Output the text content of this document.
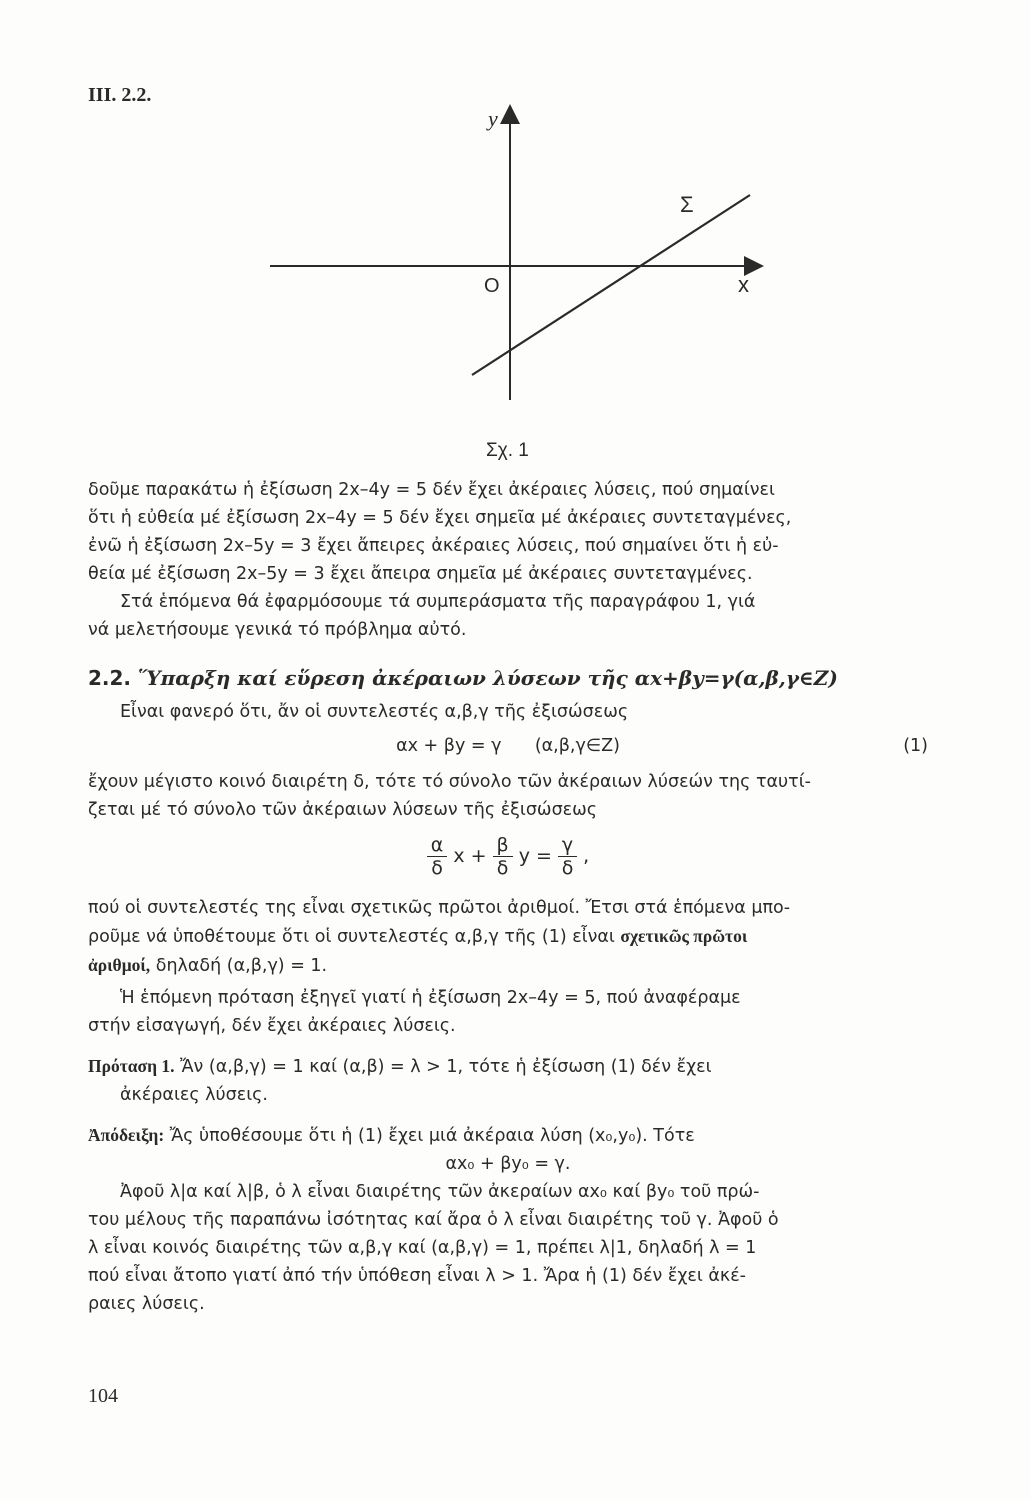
III. 2.2.
y
x
O
Σ
Σχ. 1

δοῦμε παρακάτω ἡ ἐξίσωση 2x–4y = 5 δέν ἔχει ἀκέραιες λύσεις, πού σημαίνει

ὅτι ἡ εὐθεία μέ ἐξίσωση 2x–4y = 5 δέν ἔχει σημεῖα μέ ἀκέραιες συντεταγμένες,

ἐνῶ ἡ ἐξίσωση 2x–5y = 3 ἔχει ἄπειρες ἀκέραιες λύσεις, πού σημαίνει ὅτι ἡ εὐ-

θεία μέ ἐξίσωση 2x–5y = 3 ἔχει ἄπειρα σημεῖα μέ ἀκέραιες συντεταγμένες.

Στά ἑπόμενα θά ἐφαρμόσουμε τά συμπεράσματα τῆς παραγράφου 1, γιά

νά μελετήσουμε γενικά τό πρόβλημα αὐτό.

2.2. Ὕπαρξη καί εὕρεση ἀκέραιων λύσεων τῆς αx+βy=γ(α,β,γ∈Z)

Εἶναι φανερό ὅτι, ἄν οἱ συντελεστές α,β,γ τῆς ἐξισώσεως

αx + βy = γ      (α,β,γ∈Z)	(1)

ἔχουν μέγιστο κοινό διαιρέτη δ, τότε τό σύνολο τῶν ἀκέραιων λύσεών της ταυτί-

ζεται μέ τό σύνολο τῶν ἀκέραιων λύσεων τῆς ἐξισώσεως

$\frac{\alpha}{\delta}$ $x + \frac{\beta}{\delta}$ $y = \frac{\gamma}{\delta}$ ,

πού οἱ συντελεστές της εἶναι σχετικῶς πρῶτοι ἀριθμοί. Ἔτσι στά ἑπόμενα μπο-

ροῦμε νά ὑποθέτουμε ὅτι οἱ συντελεστές α,β,γ τῆς (1) εἶναι σχετικῶς πρῶτοι

ἀριθμοί, δηλαδή (α,β,γ) = 1.

Ἡ ἑπόμενη πρόταση ἐξηγεῖ γιατί ἡ ἐξίσωση 2x–4y = 5, πού ἀναφέραμε

στήν εἰσαγωγή, δέν ἔχει ἀκέραιες λύσεις.

Πρόταση 1. Ἄν (α,β,γ) = 1 καί (α,β) = λ > 1, τότε ἡ ἐξίσωση (1) δέν ἔχει

ἀκέραιες λύσεις.

Ἀπόδειξη: Ἄς ὑποθέσουμε ὅτι ἡ (1) ἔχει μιά ἀκέραια λύση (x₀,y₀). Τότε

αx₀ + βy₀ = γ.

Ἀφοῦ λ|α καί λ|β, ὁ λ εἶναι διαιρέτης τῶν ἀκεραίων αx₀ καί βy₀ τοῦ πρώ-

του μέλους τῆς παραπάνω ἰσότητας καί ἄρα ὁ λ εἶναι διαιρέτης τοῦ γ. Ἀφοῦ ὁ

λ εἶναι κοινός διαιρέτης τῶν α,β,γ καί (α,β,γ) = 1, πρέπει λ|1, δηλαδή λ = 1

πού εἶναι ἄτοπο γιατί ἀπό τήν ὑπόθεση εἶναι λ > 1. Ἄρα ἡ (1) δέν ἔχει ἀκέ-

ραιες λύσεις.

104
